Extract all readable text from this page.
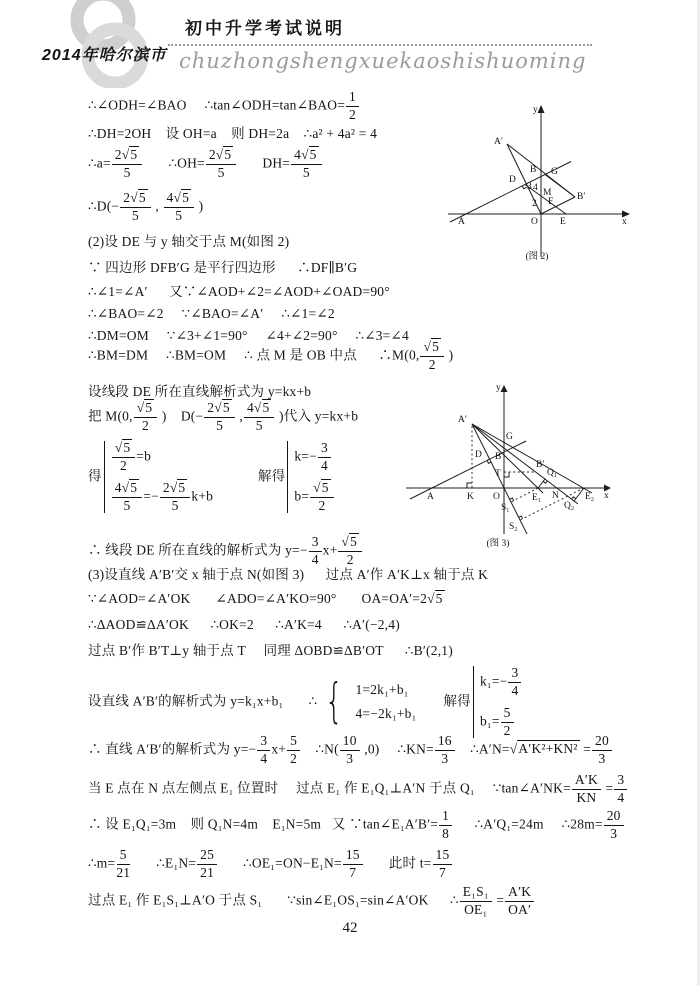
初中升学考试说明
2014年哈尔滨市 chuzhongshengxuekaoshishuoming
∴∠ODH=∠BAO     ∴tan∠ODH=tan∠BAO= $\frac{1}{2}$
∴DH=2OH    设 OH=a    则 DH=2a    ∴a² + 4a² = 4
∴a= $\frac{2√5}{5}$ ∴OH= $\frac{2√5}{5} DH= \frac{4√5}{5}$
∴D(− $\frac{2√5}{5}$ , $\frac{4√5}{5}$ )
(2)设 DE 与 y 轴交于点 M(如图 2)
∵ 四边形 DFB′G 是平行四边形      ∴DF∥B′G
∴∠1=∠A′      又∵∠AOD+∠2=∠AOD+∠OAD=90°
∴∠BAO=∠2     ∵∠BAO=∠A′     ∴∠1=∠2
∴DM=OM     ∵∠3+∠1=90°     ∠4+∠2=90°     ∴∠3=∠4
∴BM=DM     ∴BM=OM     ∴ 点 M 是 OB 中点      ∴M(0, $\frac{√5}{2}$ )
设线段 DE 所在直线解析式为 y=kx+b
把 M(0, $\frac{√5}{2}$ )    $D(- \frac{2√5}{5}$ , $\frac{4√5}{5}$ )代入 y=kx+b
得
$\frac{√5}{2} =b$
$\frac{4√5}{5} =- \frac{2√5}{5} k+b$
解得
$k=- \frac{3}{4}$
$b= \frac{√5}{2}$
∴ 线段 DE 所在直线的解析式为 $y=- \frac{3}{4} x+ \frac{√5}{2}$
(3)设直线 A′B′交 x 轴于点 N(如图 3)      过点 A′作 A′K⊥x 轴于点 K
∵∠AOD=∠A′OK       ∠ADO=∠A′KO=90°       OA=OA′=2√5
∴ΔAOD≌ΔA′OK      ∴OK=2      ∴A′K=4      ∴A′(−2,4)
过点 B′作 B′T⊥y 轴于点 T     同理 ΔOBD≌ΔB′OT      ∴B′(2,1)
设直线 A′B′的解析式为 y=k₁x+b₁       ∴ { 1=2k₁+b₁
4=−2k₁+b₁
解得
$k_1=- \frac{3}{4}$
$b_1= \frac{5}{2}$
∴ 直线 A′B′的解析式为 $y=- \frac{3}{4} x+ \frac{5}{2}$ ∴N( $\frac{10}{3} ,0$)     ∴KN= $\frac{16}{3}$ ∴A′N=√A′K²+KN² = $\frac{20}{3}$
当 E 点在 N 点左侧点 E₁ 位置时     过点 E₁ 作 E₁Q₁⊥A′N 于点 Q₁     ∵tan∠A′NK= $\frac{A'K}{KN} = \frac{3}{4}$
∴ 设 E₁Q₁=3m    则 Q₁N=4m    E₁N=5m   又 ∵tan∠E₁A′B′= $\frac{1}{8}$ ∴A′Q₁=24m     ∴28m= $\frac{20}{3}$
∴m= $\frac{5}{21}$ ∴E₁N= $\frac{25}{21}$ ∴OE₁=ON−E₁N= $\frac{15}{7}$ 此时 $t= \frac{15}{7}$
过点 E₁ 作 E₁S₁⊥A′O 于点 S₁       ∵sin∠E₁OS₁=sin∠A′OK      ∴ $\frac{\text{E₁S₁}}{\text{OE₁}} = \frac{A'K}{OA'}$
y
x
A′
D
B G
M
F B′
A	O E
3 4
2
(图 2)
y
x
A′
G
D B
T
B′
Q₁
A	K O	E₁ N	E₂
S₁	Q₂
S₂
(图 3)
42
